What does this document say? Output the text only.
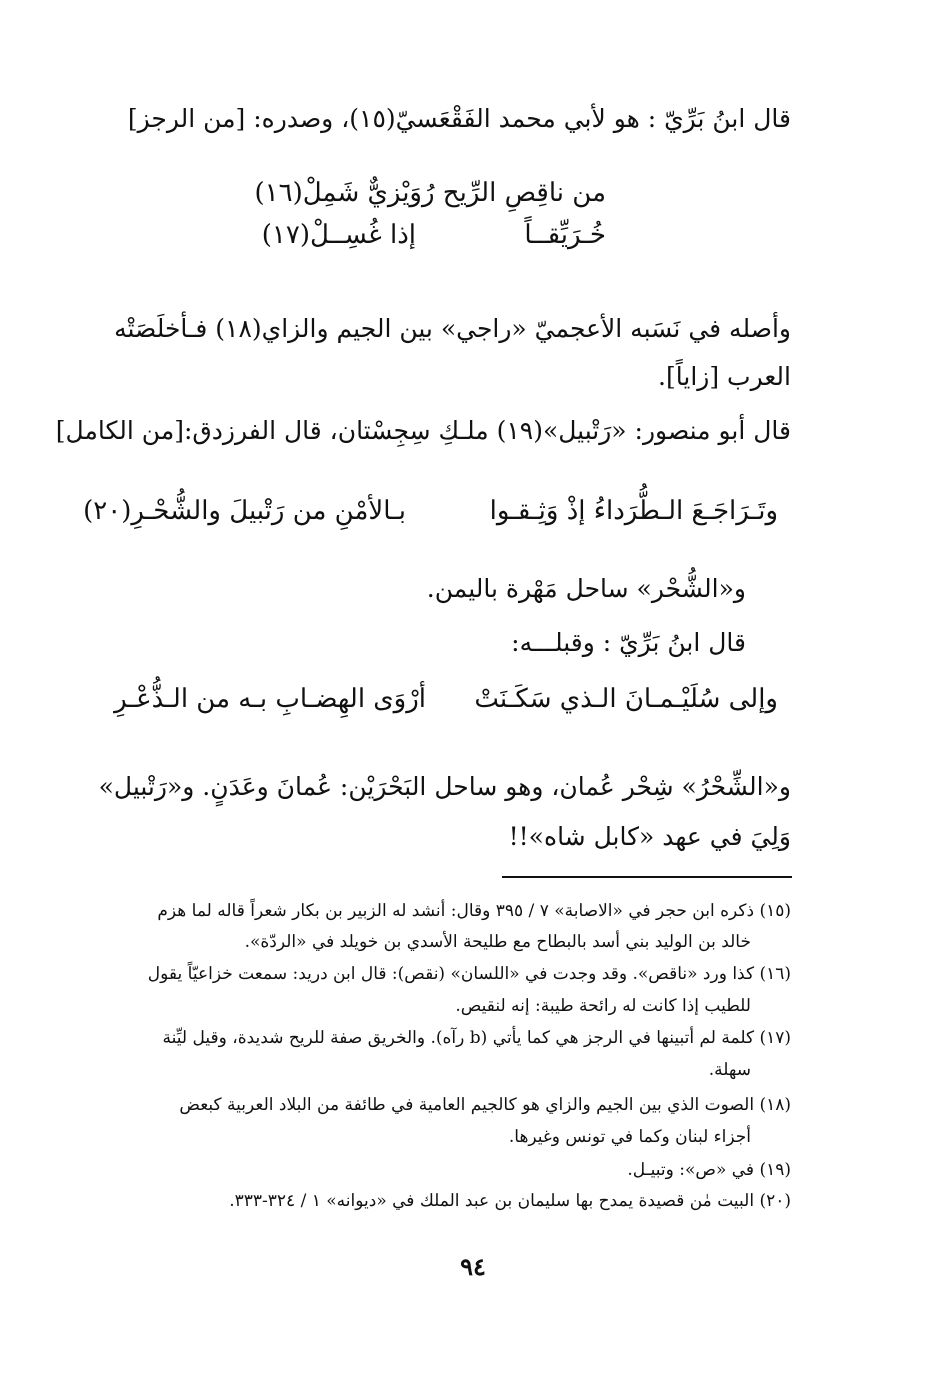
قال ابنُ بَرِّيّ : هو لأبي محمد الفَقْعَسيّ(١٥)، وصدره: [من الرجز]
من ناقِصِ الرِّيح رُوَيْزيٌّ شَمِلْ(١٦)
خُـرَيِّقــاً
إذا غُسِــلْ(١٧)
وأصله في نَسَبه الأعجميّ «راجي» بين الجيم والزاي(١٨) فـأخلَصَتْه
العرب [زاياً].
قال أبو منصور: «رَتْبيل»(١٩) ملـكِ سِجِسْتان، قال الفرزدق:[من الكامل]
وتَـرَاجَـعَ الـطُّرَداءُ إذْ وَثِـقـوا
بـالأمْنِ من رَتْبيلَ والشُّحْـرِ(٢٠)
و«الشُّحْر» ساحل مَهْرة باليمن.
قال ابنُ بَرِّيّ : وقبلـــه:
وإلى سُلَيْـمـانَ الـذي سَكَـنَتْ
أرْوَى الهِضـابِ بـه من الـذُّعْـرِ
و«الشِّحْرُ» شِحْر عُمان، وهو ساحل البَحْرَيْن: عُمانَ وعَدَنٍ. و«رَتْبيل»
وَلِيَ في عهد «كابل شاه»!!
(١٥) ذكره ابن حجر في «الاصابة» ٧ / ٣٩٥ وقال: أنشد له الزبير بن بكار شعراً قاله لما هزم
خالد بن الوليد بني أسد بالبطاح مع طليحة الأسدي بن خويلد في «الردّة».
(١٦) كذا ورد «ناقص». وقد وجدت في «اللسان» (نقص): قال ابن دريد: سمعت خزاعيّاً يقول
للطيب إذا كانت له رائحة طيبة: إنه لنقيص.
(١٧) كلمة لم أتبينها في الرجز هي كما يأتي (b رآه). والخريق صفة للريح شديدة، وقيل ليِّنة
سهلة.
(١٨) الصوت الذي بين الجيم والزاي هو كالجيم العامية في طائفة من البلاد العربية كبعض
أجزاء لبنان وكما في تونس وغيرها.
(١٩) في «ص»: وتبيـل.
(٢٠) البيت مٰن قصيدة يمدح بها سليمان بن عبد الملك في «ديوانه» ١ / ٣٢٤-٣٣٣.
٩٤
